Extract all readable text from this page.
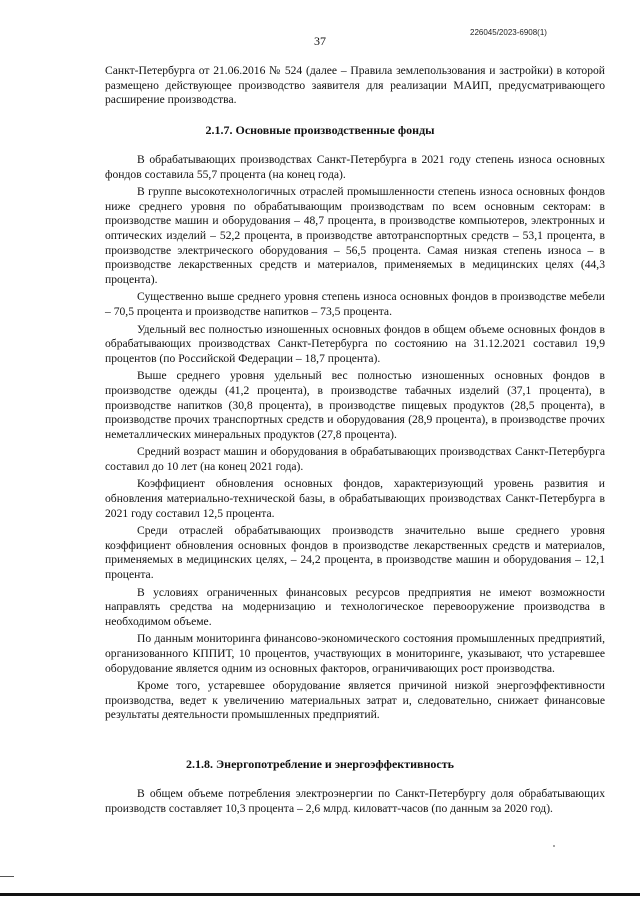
226045/2023-6908(1)
37

Санкт-Петербурга от 21.06.2016 № 524 (далее – Правила землепользования и застройки) в которой размещено действующее производство заявителя для реализации МАИП, предусматривающего расширение производства.

2.1.7. Основные производственные фонды

В обрабатывающих производствах Санкт-Петербурга в 2021 году степень износа основных фондов составила 55,7 процента (на конец года).

В группе высокотехнологичных отраслей промышленности степень износа основных фондов ниже среднего уровня по обрабатывающим производствам по всем основным секторам: в производстве машин и оборудования – 48,7 процента, в производстве компьютеров, электронных и оптических изделий – 52,2 процента, в производстве автотранспортных средств – 53,1 процента, в производстве электрического оборудования – 56,5 процента. Самая низкая степень износа – в производстве лекарственных средств и материалов, применяемых в медицинских целях (44,3 процента).

Существенно выше среднего уровня степень износа основных фондов в производстве мебели – 70,5 процента и производстве напитков – 73,5 процента.

Удельный вес полностью изношенных основных фондов в общем объеме основных фондов в обрабатывающих производствах Санкт-Петербурга по состоянию на 31.12.2021 составил 19,9 процентов (по Российской Федерации – 18,7 процента).

Выше среднего уровня удельный вес полностью изношенных основных фондов в производстве одежды (41,2 процента), в производстве табачных изделий (37,1 процента), в производстве напитков (30,8 процента), в производстве пищевых продуктов (28,5 процента), в производстве прочих транспортных средств и оборудования (28,9 процента), в производстве прочих неметаллических минеральных продуктов (27,8 процента).

Средний возраст машин и оборудования в обрабатывающих производствах Санкт-Петербурга составил до 10 лет (на конец 2021 года).

Коэффициент обновления основных фондов, характеризующий уровень развития и обновления материально-технической базы, в обрабатывающих производствах Санкт-Петербурга в 2021 году составил 12,5 процента.

Среди отраслей обрабатывающих производств значительно выше среднего уровня коэффициент обновления основных фондов в производстве лекарственных средств и материалов, применяемых в медицинских целях, – 24,2 процента, в производстве машин и оборудования – 12,1 процента.

В условиях ограниченных финансовых ресурсов предприятия не имеют возможности направлять средства на модернизацию и технологическое перевооружение производства в необходимом объеме.

По данным мониторинга финансово-экономического состояния промышленных предприятий, организованного КППИТ, 10 процентов, участвующих в мониторинге, указывают, что устаревшее оборудование является одним из основных факторов, ограничивающих рост производства.

Кроме того, устаревшее оборудование является причиной низкой энергоэффективности производства, ведет к увеличению материальных затрат и, следовательно, снижает финансовые результаты деятельности промышленных предприятий.

2.1.8. Энергопотребление и энергоэффективность

В общем объеме потребления электроэнергии по Санкт-Петербургу доля обрабатывающих производств составляет 10,3 процента – 2,6 млрд. киловатт-часов (по данным за 2020 год).
